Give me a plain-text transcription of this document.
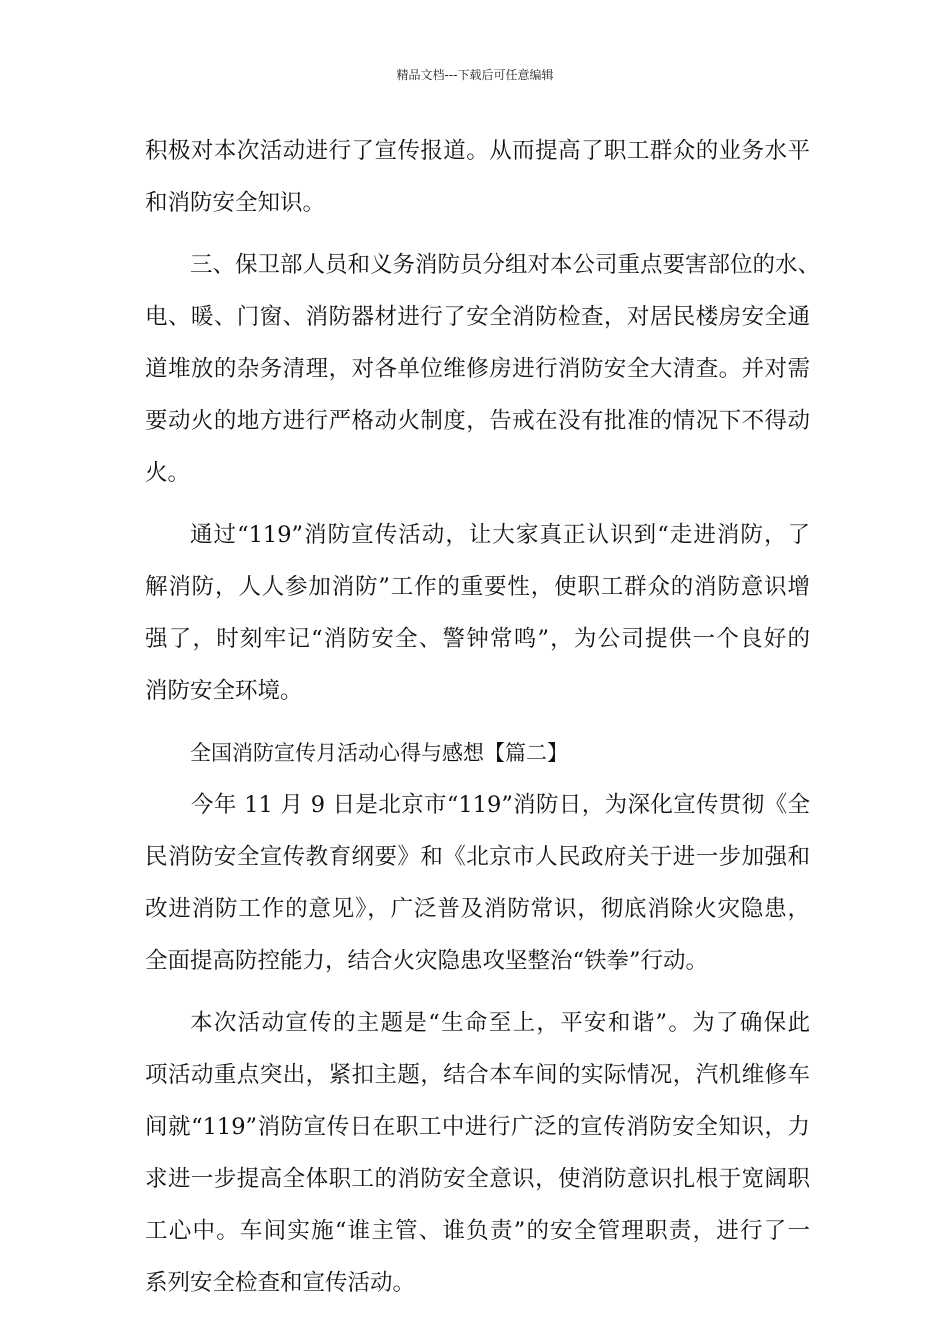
精品文档---下载后可任意编辑
积极对本次活动进行了宣传报道。从而提高了职工群众的业务水平
和消防安全知识。
三、保卫部人员和义务消防员分组对本公司重点要害部位的水、
电、暖、门窗、消防器材进行了安全消防检查，对居民楼房安全通
道堆放的杂务清理，对各单位维修房进行消防安全大清查。并对需
要动火的地方进行严格动火制度，告戒在没有批准的情况下不得动
火。
通过“119”消防宣传活动，让大家真正认识到“走进消防，了
解消防，人人参加消防”工作的重要性，使职工群众的消防意识增
强了，时刻牢记“消防安全、警钟常鸣”，为公司提供一个良好的
消防安全环境。
全国消防宣传月活动心得与感想【篇二】
今年 11 月 9 日是北京市“119”消防日，为深化宣传贯彻《全
民消防安全宣传教育纲要》和《北京市人民政府关于进一步加强和
改进消防工作的意见》，广泛普及消防常识，彻底消除火灾隐患，
全面提高防控能力，结合火灾隐患攻坚整治“铁拳”行动。
本次活动宣传的主题是“生命至上，平安和谐”。为了确保此
项活动重点突出，紧扣主题，结合本车间的实际情况，汽机维修车
间就“119”消防宣传日在职工中进行广泛的宣传消防安全知识，力
求进一步提高全体职工的消防安全意识，使消防意识扎根于宽阔职
工心中。车间实施“谁主管、谁负责”的安全管理职责，进行了一
系列安全检查和宣传活动。
